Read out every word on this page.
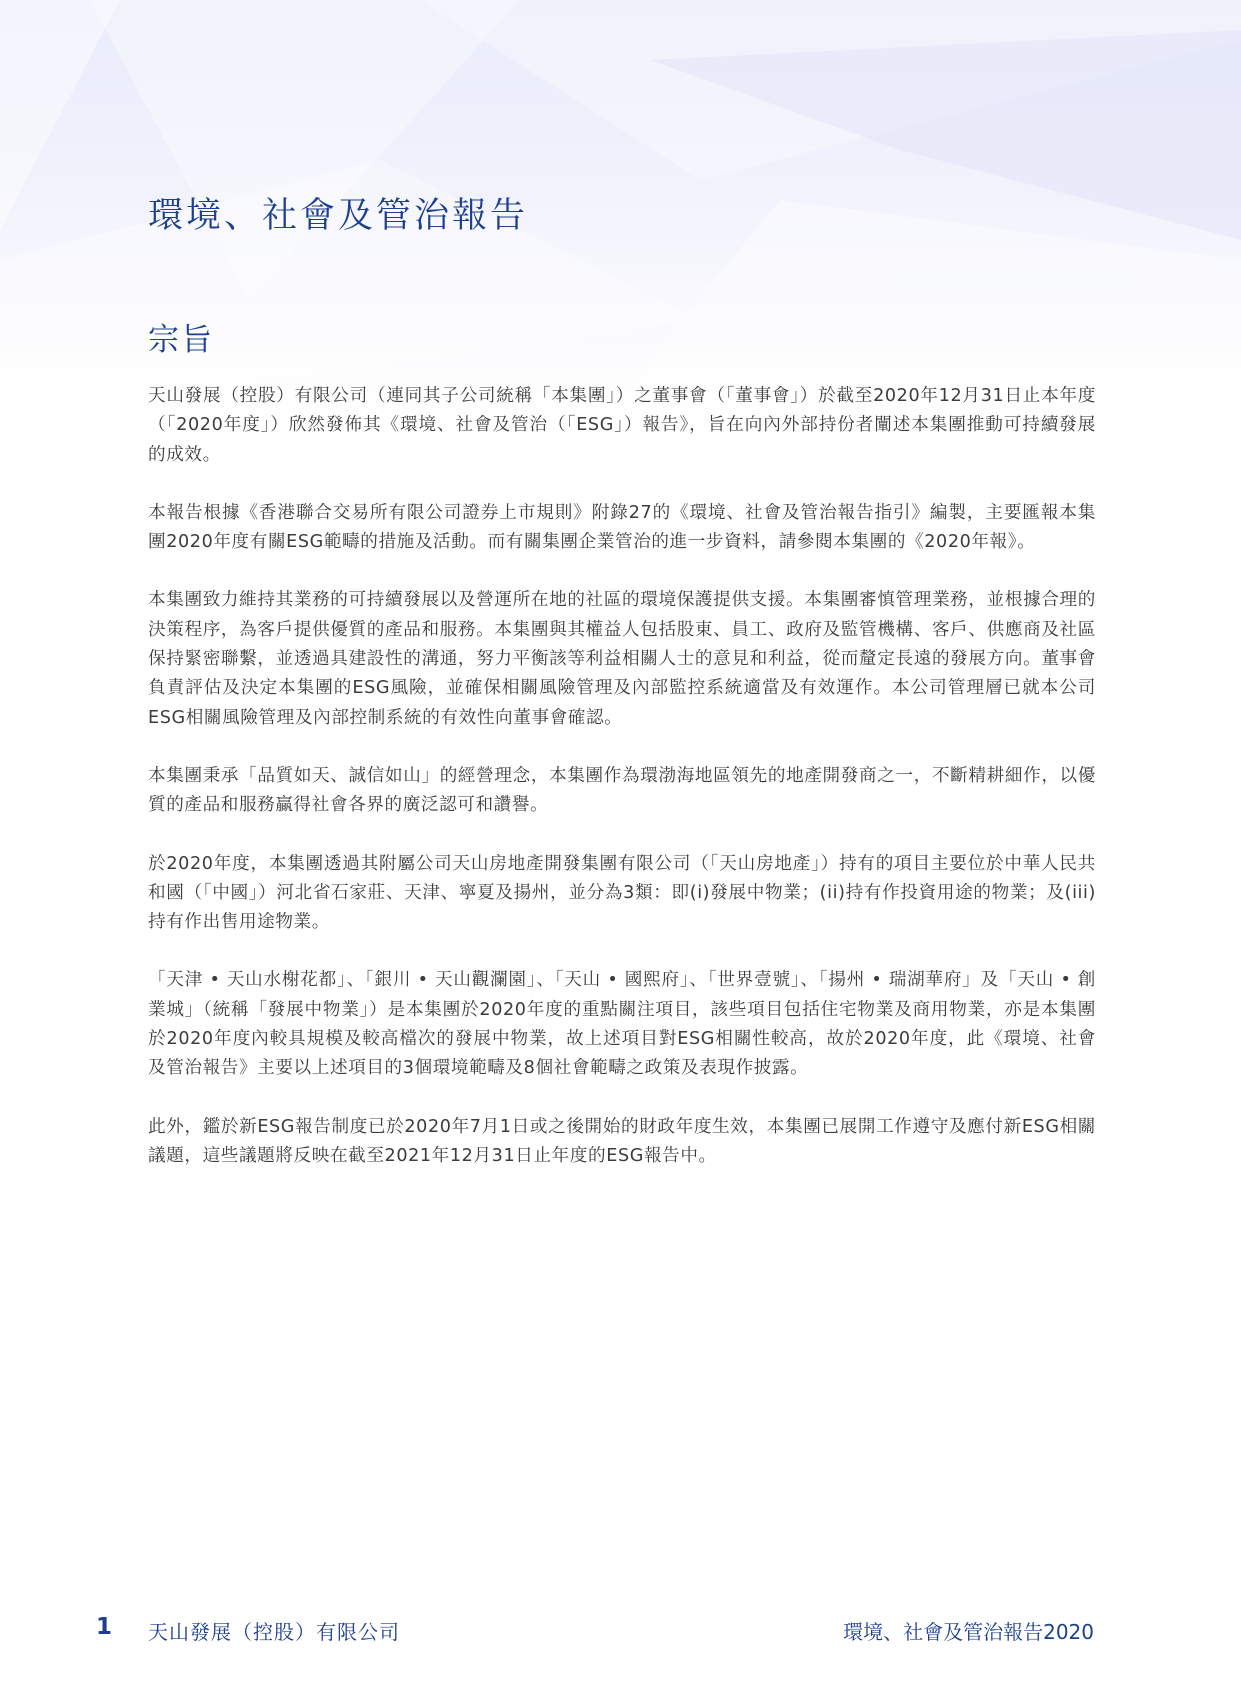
環境、社會及管治報告
宗旨

天山發展（控股）有限公司（連同其子公司統稱「本集團」）之董事會（「董事會」）於截至2020年12月31日止本年度（「2020年度」）欣然發佈其《環境、社會及管治（「ESG」）報告》，旨在向內外部持份者闡述本集團推動可持續發展的成效。

本報告根據《香港聯合交易所有限公司證券上市規則》附錄27的《環境、社會及管治報告指引》編製，主要匯報本集團2020年度有關ESG範疇的措施及活動。而有關集團企業管治的進一步資料，請參閱本集團的《2020年報》。

本集團致力維持其業務的可持續發展以及營運所在地的社區的環境保護提供支援。本集團審慎管理業務，並根據合理的決策程序，為客戶提供優質的產品和服務。本集團與其權益人包括股東、員工、政府及監管機構、客戶、供應商及社區保持緊密聯繫，並透過具建設性的溝通，努力平衡該等利益相關人士的意見和利益，從而釐定長遠的發展方向。董事會負責評估及決定本集團的ESG風險，並確保相關風險管理及內部監控系統適當及有效運作。本公司管理層已就本公司ESG相關風險管理及內部控制系統的有效性向董事會確認。

本集團秉承「品質如天、誠信如山」的經營理念，本集團作為環渤海地區領先的地產開發商之一，不斷精耕細作，以優質的產品和服務贏得社會各界的廣泛認可和讚譽。

於2020年度，本集團透過其附屬公司天山房地產開發集團有限公司（「天山房地產」）持有的項目主要位於中華人民共和國（「中國」）河北省石家莊、天津、寧夏及揚州，並分為3類：即(i)發展中物業；(ii)持有作投資用途的物業；及(iii)持有作出售用途物業。

「天津 • 天山水榭花都」、「銀川 • 天山觀瀾園」、「天山 • 國熙府」、「世界壹號」、「揚州 • 瑞湖華府」及「天山 • 創業城」（統稱「發展中物業」）是本集團於2020年度的重點關注項目，該些項目包括住宅物業及商用物業，亦是本集團於2020年度內較具規模及較高檔次的發展中物業，故上述項目對ESG相關性較高，故於2020年度，此《環境、社會及管治報告》主要以上述項目的3個環境範疇及8個社會範疇之政策及表現作披露。

此外，鑑於新ESG報告制度已於2020年7月1日或之後開始的財政年度生效，本集團已展開工作遵守及應付新ESG相關議題，這些議題將反映在截至2021年12月31日止年度的ESG報告中。

1 天山發展（控股）有限公司	環境、社會及管治報告2020
